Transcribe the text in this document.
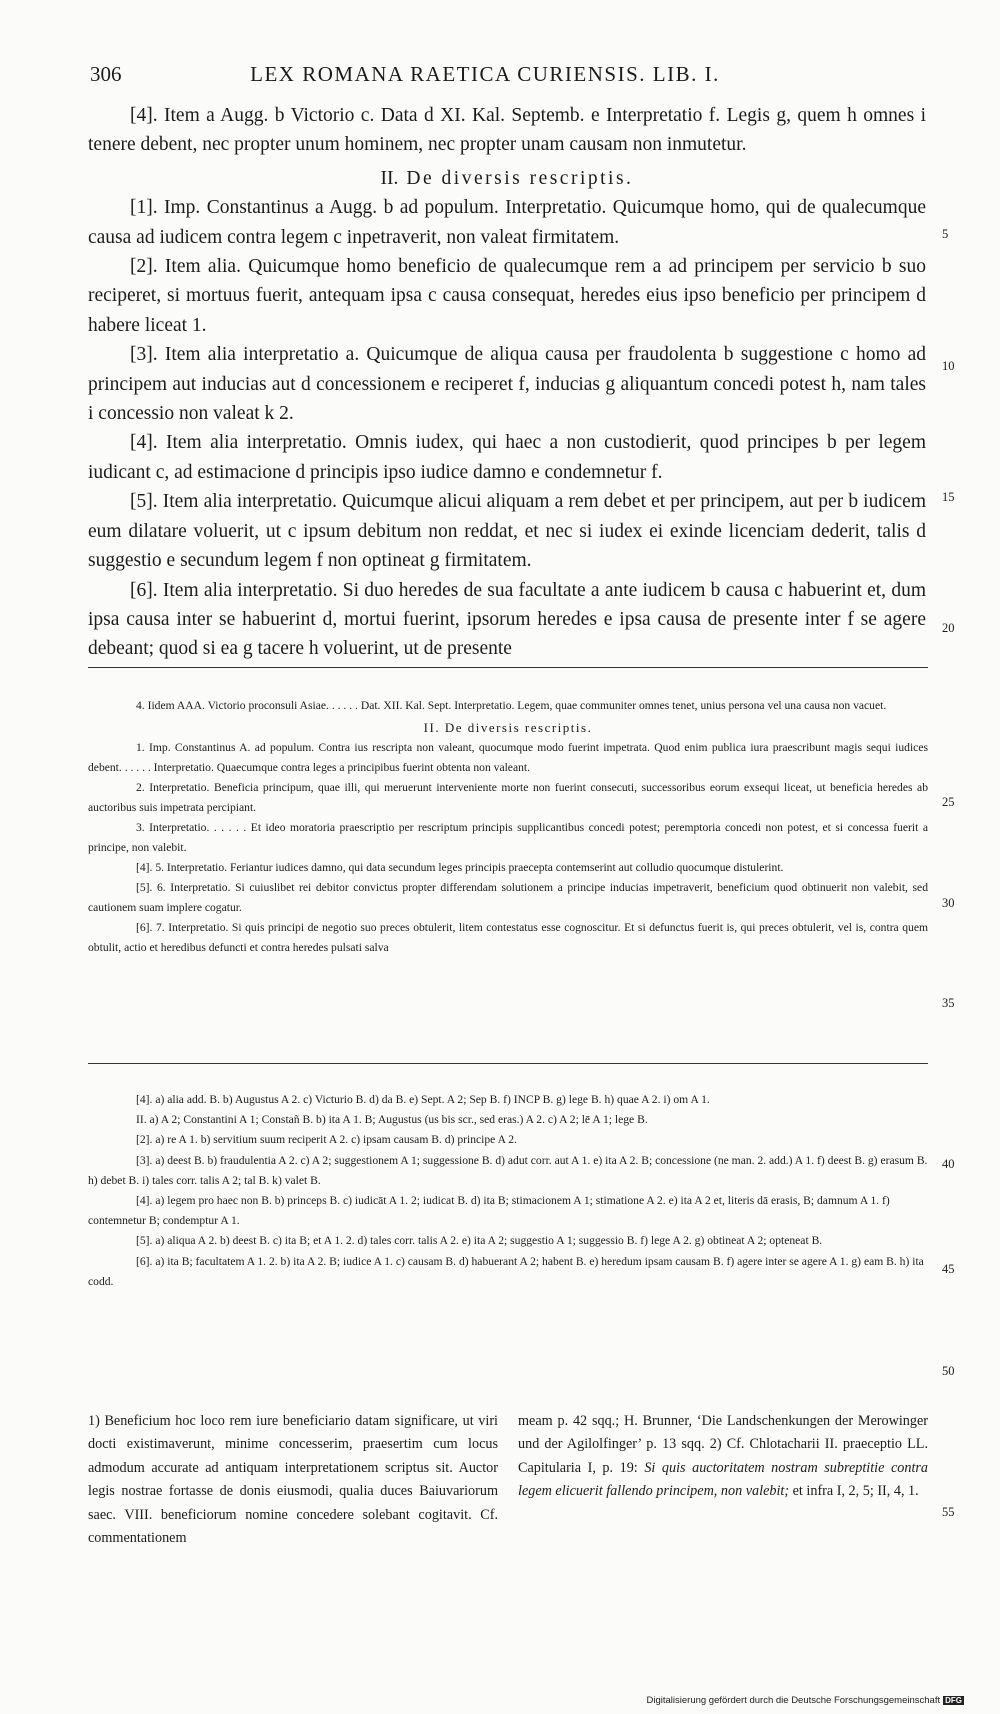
306	LEX ROMANA RAETICA CURIENSIS. LIB. I.

[4]. Item a Augg. b Victorio c. Data d XI. Kal. Septemb. e Interpretatio f. Legis g, quem h omnes i tenere debent, nec propter unum hominem, nec propter unam causam non inmutetur.

II. De diversis rescriptis.

[1]. Imp. Constantinus a Augg. b ad populum. Interpretatio. Quicumque homo, qui de qualecumque causa ad iudicem contra legem c inpetraverit, non valeat firmitatem.

[2]. Item alia. Quicumque homo beneficio de qualecumque rem a ad principem per servicio b suo reciperet, si mortuus fuerit, antequam ipsa c causa consequat, heredes eius ipso beneficio per principem d habere liceat 1.

[3]. Item alia interpretatio a. Quicumque de aliqua causa per fraudolenta b suggestione c homo ad principem aut inducias aut d concessionem e reciperet f, inducias g aliquantum concedi potest h, nam tales i concessio non valeat k 2.

[4]. Item alia interpretatio. Omnis iudex, qui haec a non custodierit, quod principes b per legem iudicant c, ad estimacione d principis ipso iudice damno e condemnetur f.

[5]. Item alia interpretatio. Quicumque alicui aliquam a rem debet et per principem, aut per b iudicem eum dilatare voluerit, ut c ipsum debitum non reddat, et nec si iudex ei exinde licenciam dederit, talis d suggestio e secundum legem f non optineat g firmitatem.

[6]. Item alia interpretatio. Si duo heredes de sua facultate a ante iudicem b causa c habuerint et, dum ipsa causa inter se habuerint d, mortui fuerint, ipsorum heredes e ipsa causa de presente inter f se agere debeant; quod si ea g tacere h voluerint, ut de presente

5
10
15
20

4. Iidem AAA. Victorio proconsuli Asiae. . . . . . Dat. XII. Kal. Sept. Interpretatio. Legem, quae communiter omnes tenet, unius persona vel una causa non vacuet.

II. De diversis rescriptis.

1. Imp. Constantinus A. ad populum. Contra ius rescripta non valeant, quocumque modo fuerint impetrata. Quod enim publica iura praescribunt magis sequi iudices debent. . . . . . Interpretatio. Quaecumque contra leges a principibus fuerint obtenta non valeant.

2. Interpretatio. Beneficia principum, quae illi, qui meruerunt interveniente morte non fuerint consecuti, successoribus eorum exsequi liceat, ut beneficia heredes ab auctoribus suis impetrata percipiant.

3. Interpretatio. . . . . . Et ideo moratoria praescriptio per rescriptum principis supplicantibus concedi potest; peremptoria concedi non potest, et si concessa fuerit a principe, non valebit.

[4]. 5. Interpretatio. Feriantur iudices damno, qui data secundum leges principis praecepta contemserint aut colludio quocumque distulerint.

[5]. 6. Interpretatio. Si cuiuslibet rei debitor convictus propter differendam solutionem a principe inducias impetraverit, beneficium quod obtinuerit non valebit, sed cautionem suam implere cogatur.

[6]. 7. Interpretatio. Si quis principi de negotio suo preces obtulerit, litem contestatus esse cognoscitur. Et si defunctus fuerit is, qui preces obtulerit, vel is, contra quem obtulit, actio et heredibus defuncti et contra heredes pulsati salva

25
30
35

[4]. a) alia add. B. b) Augustus A 2. c) Victurio B. d) da B. e) Sept. A 2; Sep B. f) INCP B. g) lege B. h) quae A 2. i) om A 1.

II. a) A 2; Constantini A 1; Constañ B. b) ita A 1. B; Augustus (us bis scr., sed eras.) A 2. c) A 2; lē A 1; lege B.

[2]. a) re A 1. b) servitium suum reciperit A 2. c) ipsam causam B. d) principe A 2.

[3]. a) deest B. b) fraudulentia A 2. c) A 2; suggestionem A 1; suggessione B. d) adut corr. aut A 1. e) ita A 2. B; concessione (ne man. 2. add.) A 1. f) deest B. g) erasum B. h) debet B. i) tales corr. talis A 2; tal B. k) valet B.

[4]. a) legem pro haec non B. b) princeps B. c) iudicāt A 1. 2; iudicat B. d) ita B; stimacionem A 1; stimatione A 2. e) ita A 2 et, literis dā erasis, B; damnum A 1. f) contemnetur B; condemptur A 1.

[5]. a) aliqua A 2. b) deest B. c) ita B; et A 1. 2. d) tales corr. talis A 2. e) ita A 2; suggestio A 1; suggessio B. f) lege A 2. g) obtineat A 2; opteneat B.

[6]. a) ita B; facultatem A 1. 2. b) ita A 2. B; iudice A 1. c) causam B. d) habuerant A 2; habent B. e) heredum ipsam causam B. f) agere inter se agere A 1. g) eam B. h) ita codd.

40
45
50

1) Beneficium hoc loco rem iure beneficiario datam significare, ut viri docti existimaverunt, minime concesserim, praesertim cum locus admodum accurate ad antiquam interpretationem scriptus sit. Auctor legis nostrae fortasse de donis eiusmodi, qualia duces Baiuvariorum saec. VIII. beneficiorum nomine concedere solebant cogitavit. Cf. commentationem

meam p. 42 sqq.; H. Brunner, ‘Die Landschenkungen der Merowinger und der Agilolfinger’ p. 13 sqq. 2) Cf. Chlotacharii II. praeceptio LL. Capitularia I, p. 19: Si quis auctoritatem nostram subreptitie contra legem elicuerit fallendo principem, non valebit; et infra I, 2, 5; II, 4, 1.

55
Digitalisierung gefördert durch die Deutsche Forschungsgemeinschaft DFG
